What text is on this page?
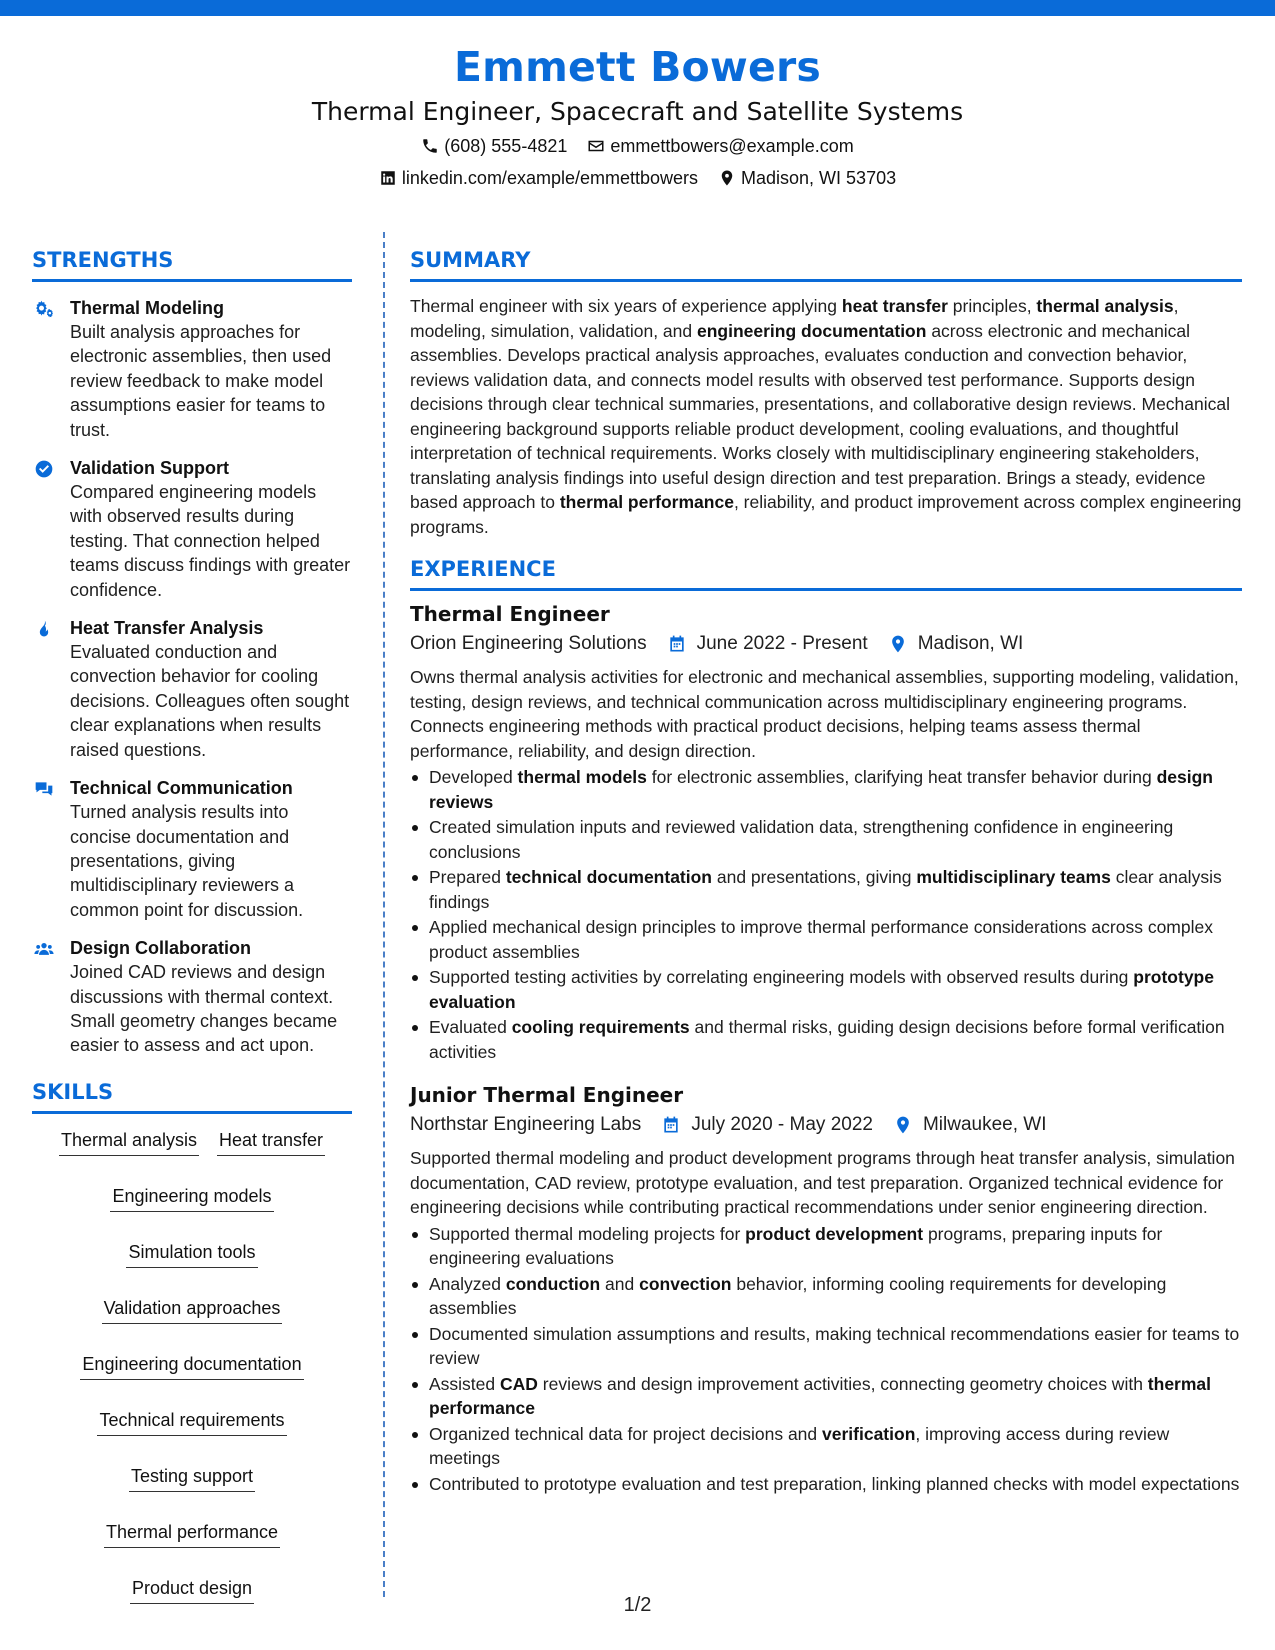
Emmett Bowers
Thermal Engineer, Spacecraft and Satellite Systems
(608) 555-4821 emmettbowers@example.com
linkedin.com/example/emmettbowers Madison, WI 53703
STRENGTHS
Thermal Modeling
Built analysis approaches for electronic assemblies, then used review feedback to make model assumptions easier for teams to trust.
Validation Support
Compared engineering models with observed results during testing. That connection helped teams discuss findings with greater confidence.
Heat Transfer Analysis
Evaluated conduction and convection behavior for cooling decisions. Colleagues often sought clear explanations when results raised questions.
Technical Communication
Turned analysis results into concise documentation and presentations, giving multidisciplinary reviewers a common point for discussion.
Design Collaboration
Joined CAD reviews and design discussions with thermal context. Small geometry changes became easier to assess and act upon.
SKILLS
Thermal analysis Heat transfer
Engineering models
Simulation tools
Validation approaches
Engineering documentation
Technical requirements
Testing support
Thermal performance
Product design
SUMMARY

Thermal engineer with six years of experience applying heat transfer principles, thermal analysis, modeling, simulation, validation, and engineering documentation across electronic and mechanical assemblies. Develops practical analysis approaches, evaluates conduction and convection behavior, reviews validation data, and connects model results with observed test performance. Supports design decisions through clear technical summaries, presentations, and collaborative design reviews. Mechanical engineering background supports reliable product development, cooling evaluations, and thoughtful interpretation of technical requirements. Works closely with multidisciplinary engineering stakeholders, translating analysis findings into useful design direction and test preparation. Brings a steady, evidence based approach to thermal performance, reliability, and product improvement across complex engineering programs.

EXPERIENCE
Thermal Engineer
Orion Engineering Solutions	June 2022 - Present	Madison, WI

Owns thermal analysis activities for electronic and mechanical assemblies, supporting modeling, validation, testing, design reviews, and technical communication across multidisciplinary engineering programs. Connects engineering methods with practical product decisions, helping teams assess thermal performance, reliability, and design direction.

Developed thermal models for electronic assemblies, clarifying heat transfer behavior during design reviews
Created simulation inputs and reviewed validation data, strengthening confidence in engineering conclusions
Prepared technical documentation and presentations, giving multidisciplinary teams clear analysis findings
Applied mechanical design principles to improve thermal performance considerations across complex product assemblies
Supported testing activities by correlating engineering models with observed results during prototype evaluation
Evaluated cooling requirements and thermal risks, guiding design decisions before formal verification activities
Junior Thermal Engineer
Northstar Engineering Labs	July 2020 - May 2022	Milwaukee, WI

Supported thermal modeling and product development programs through heat transfer analysis, simulation documentation, CAD review, prototype evaluation, and test preparation. Organized technical evidence for engineering decisions while contributing practical recommendations under senior engineering direction.

Supported thermal modeling projects for product development programs, preparing inputs for engineering evaluations
Analyzed conduction and convection behavior, informing cooling requirements for developing assemblies
Documented simulation assumptions and results, making technical recommendations easier for teams to review
Assisted CAD reviews and design improvement activities, connecting geometry choices with thermal performance
Organized technical data for project decisions and verification, improving access during review meetings
Contributed to prototype evaluation and test preparation, linking planned checks with model expectations
1/2
